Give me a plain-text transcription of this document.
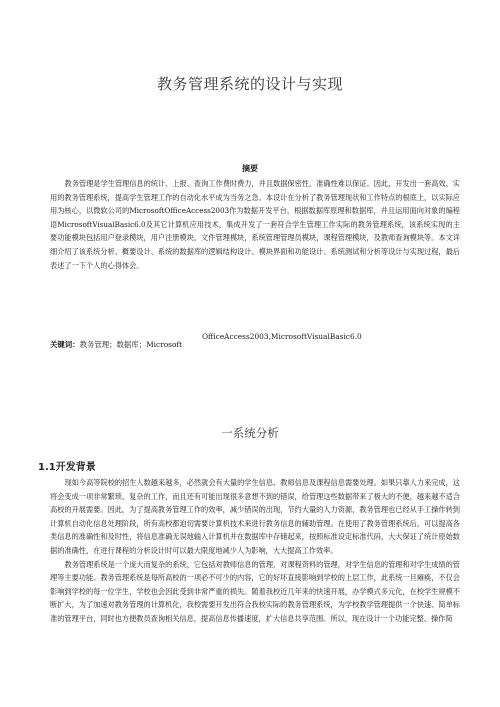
教务管理系统的设计与实现
摘要

教务管理是学生管理信息的统计、上报、查询工作费时费力，并且数据保密性、准确性难以保证。因此，开发出一套高效、实用的教务管理系统，提高学生管理工作的自动化水平成为当务之急。本设计在分析了教务管理现状和工作特点的根底上，以实际应用为核心，以微软公司的MicrosoftOfficeAccess2003作为数据开发平台，根据数据库原理和数据库，并且运用面向对象的编程语MicrosoftVisualBasic6.0及其它计算机应用技术，集成开发了一套符合学生管理工作实际的教务管理系统，该系统实现的主要功能模块包括用户登录模块，用户注册模块，文件管理模块，系统管理管理员模块，课程管理模块，及教师查询模块等。本文详细介绍了该系统分析、概要设计、系统的数据库的逻辑结构设计、模块界面和功能设计、系统测试和分析等设计与实现过程，最后表述了一下个人的心得体会。

关键词：教务管理；数据库；Microsoft
OfficeAccess2003,MicrosoftVisualBasic6.0
一系统分析
1.1开发背景

现如今高等院校的招生人数越来越多，必然就会有大量的学生信息、教师信息及课程信息需要处理。如果只靠人力来完成，这将会变成一项非常繁琐、复杂的工作，而且还有可能出现很多意想不到的错误，给管理这些数据带来了极大的不便，越来越不适合高校的开展需要。因此，为了提高教务管理工作的效率，减少错误的出现，节约大量的人力资源，教务管理也已经从手工操作转到计算机自动化信息处理阶段，所有高校都迫切需要计算机技术来进行教务信息的辅助管理。在使用了教务管理系统后，可以提高各类信息的准确性和及时性，将信息准确无误地输入计算机并在数据库中存储起来，按照标准设定标准代码，大大保证了统计原始数据的准确性，在进行课程的分析设计时可以最大限度地减少人为影响，大大提高工作效率。

教务管理系统是一个庞大而复杂的系统，它包括对教师信息的管理，对课程资料的管理，对学生信息的管理和对学生成绩的管理等主要功能。教务管理系统是每所高校的一项必不可少的内容，它的好坏直接影响到学校的上层工作，此系统一旦瘫痪，不仅会影响到学校的每一位学生，学校也会因此受到非常严重的损失。随着我校近几年来的快速开展，办学模式多元化，在校学生规模不断扩大，为了加速对教务管理的计算机化，我校需要开发出符合我校实际的教务管理系统，为学校教学管理提供一个快速、简单标准的管理平台，同时也方便教员查询相关信息，提高信息传播速度，扩大信息共享范围。所以，现在设计一个功能完整、操作简
